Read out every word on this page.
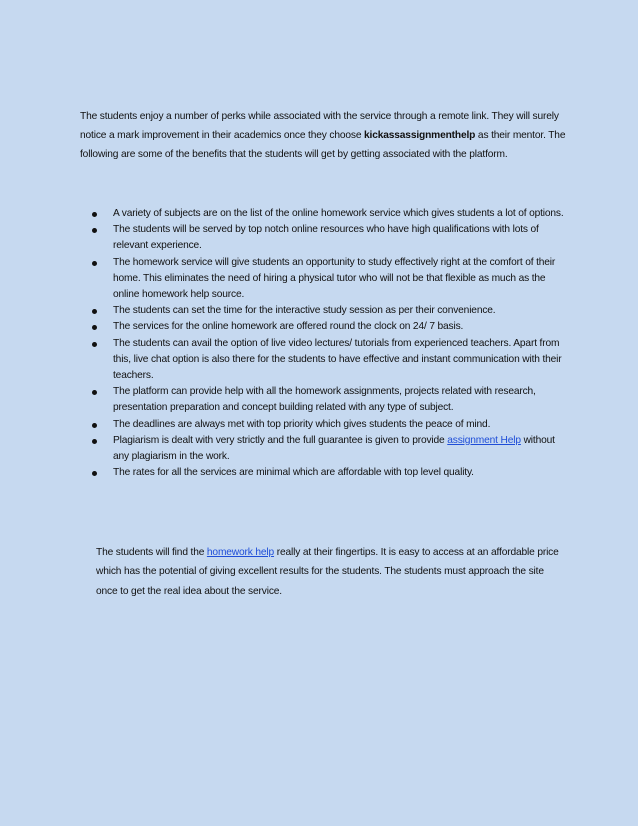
The students enjoy a number of perks while associated with the service through a remote link. They will surely notice a mark improvement in their academics once they choose kickassassignmenthelp as their mentor. The following are some of the benefits that the students will get by getting associated with the platform.

A variety of subjects are on the list of the online homework service which gives students a lot of options.
The students will be served by top notch online resources who have high qualifications with lots of relevant experience.
The homework service will give students an opportunity to study effectively right at the comfort of their home. This eliminates the need of hiring a physical tutor who will not be that flexible as much as the online homework help source.
The students can set the time for the interactive study session as per their convenience.
The services for the online homework are offered round the clock on 24/ 7 basis.
The students can avail the option of live video lectures/ tutorials from experienced teachers. Apart from this, live chat option is also there for the students to have effective and instant communication with their teachers.
The platform can provide help with all the homework assignments, projects related with research, presentation preparation and concept building related with any type of subject.
The deadlines are always met with top priority which gives students the peace of mind.
Plagiarism is dealt with very strictly and the full guarantee is given to provide assignment Help without any plagiarism in the work.
The rates for all the services are minimal which are affordable with top level quality.

The students will find the homework help really at their fingertips. It is easy to access at an affordable price which has the potential of giving excellent results for the students. The students must approach the site once to get the real idea about the service.
